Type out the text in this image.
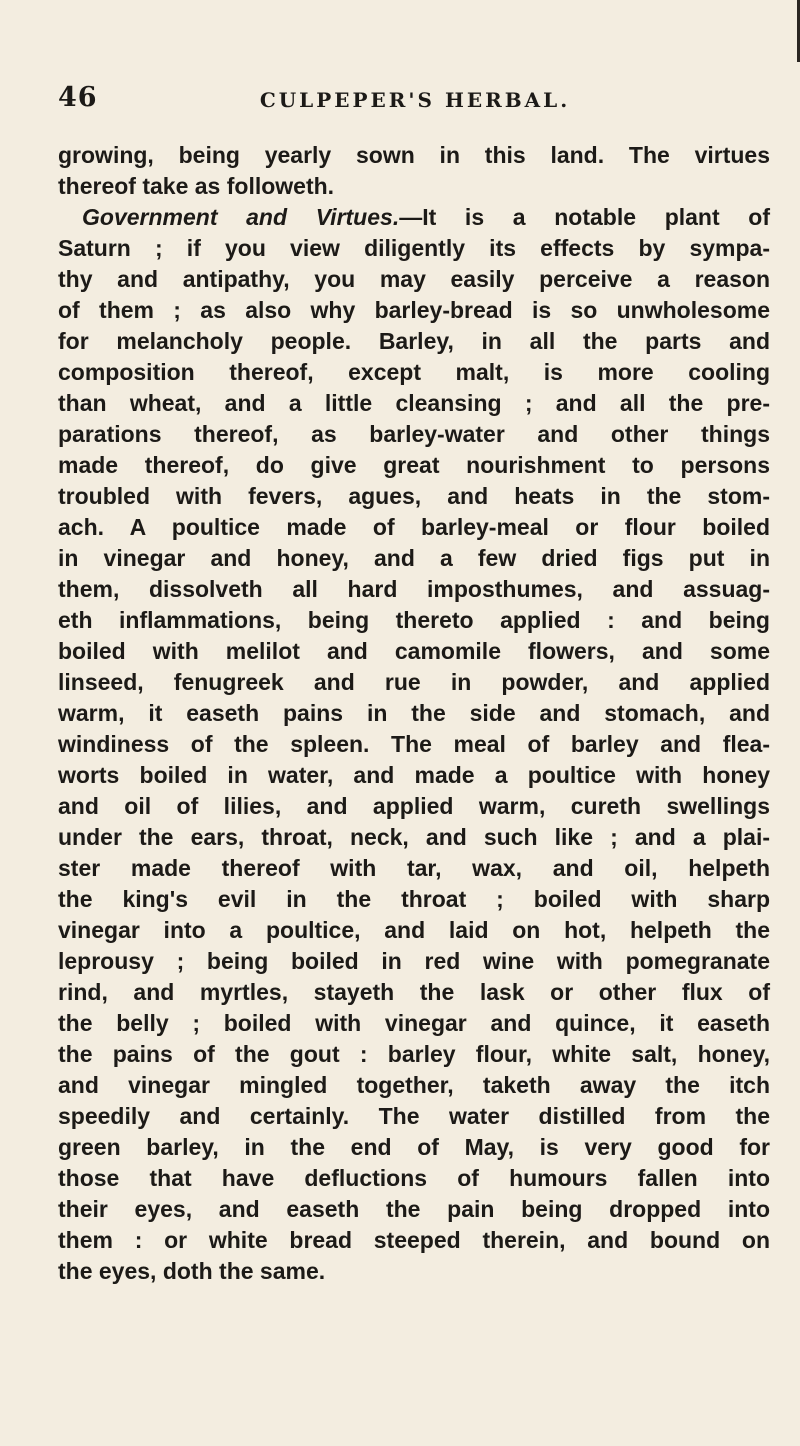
46	CULPEPER'S HERBAL.
growing, being yearly sown in this land. The virtues
thereof take as followeth.
Government and Virtues.—It is a notable plant of
Saturn ; if you view diligently its effects by sympa-
thy and antipathy, you may easily perceive a reason
of them ; as also why barley-bread is so unwholesome
for melancholy people. Barley, in all the parts and
composition thereof, except malt, is more cooling
than wheat, and a little cleansing ; and all the pre-
parations thereof, as barley-water and other things
made thereof, do give great nourishment to persons
troubled with fevers, agues, and heats in the stom-
ach. A poultice made of barley-meal or flour boiled
in vinegar and honey, and a few dried figs put in
them, dissolveth all hard imposthumes, and assuag-
eth inflammations, being thereto applied : and being
boiled with melilot and camomile flowers, and some
linseed, fenugreek and rue in powder, and applied
warm, it easeth pains in the side and stomach, and
windiness of the spleen. The meal of barley and flea-
worts boiled in water, and made a poultice with honey
and oil of lilies, and applied warm, cureth swellings
under the ears, throat, neck, and such like ; and a plai-
ster made thereof with tar, wax, and oil, helpeth
the king's evil in the throat ; boiled with sharp
vinegar into a poultice, and laid on hot, helpeth the
leprousy ; being boiled in red wine with pomegranate
rind, and myrtles, stayeth the lask or other flux of
the belly ; boiled with vinegar and quince, it easeth
the pains of the gout : barley flour, white salt, honey,
and vinegar mingled together, taketh away the itch
speedily and certainly. The water distilled from the
green barley, in the end of May, is very good for
those that have defluctions of humours fallen into
their eyes, and easeth the pain being dropped into
them : or white bread steeped therein, and bound on
the eyes, doth the same.
